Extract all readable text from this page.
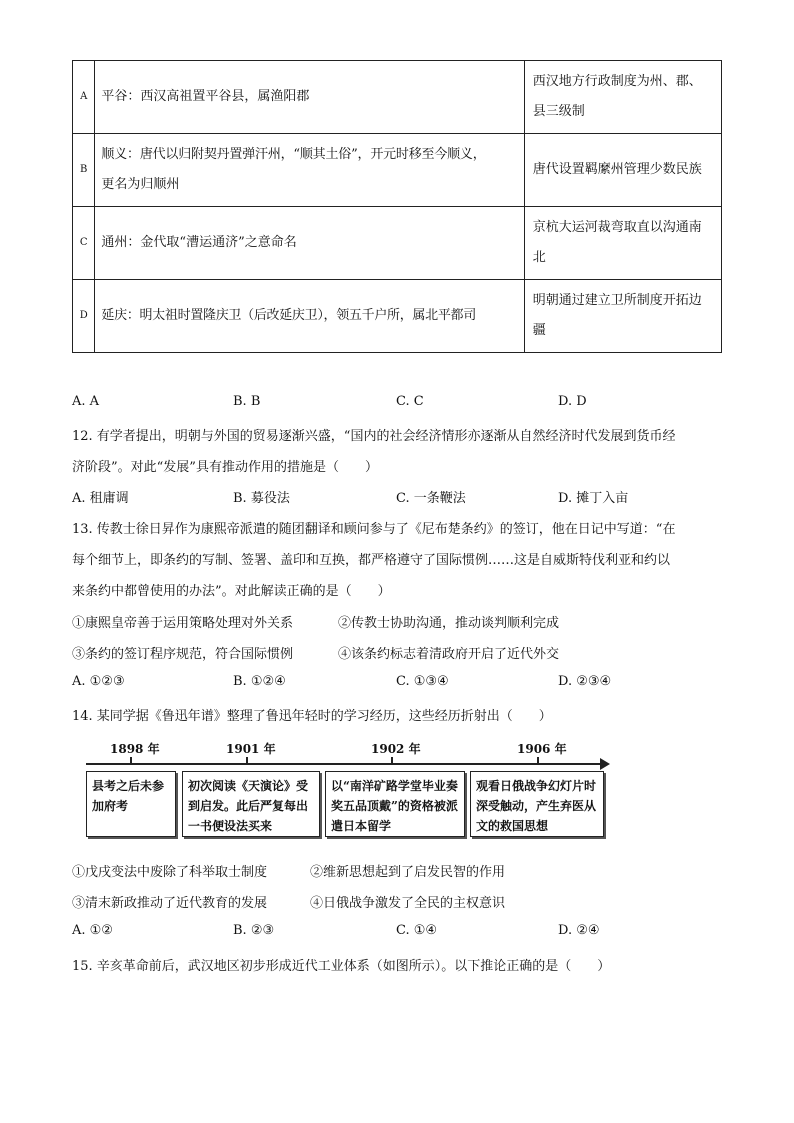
A	平谷：西汉高祖置平谷县，属渔阳郡	西汉地方行政制度为州、郡、
县三级制

B	顺义：唐代以归附契丹置弹汗州，“顺其土俗”，开元时移至今顺义，
更名为归顺州	唐代设置羁縻州管理少数民族
C	通州：金代取“漕运通济”之意命名	京杭大运河裁弯取直以沟通南
北

D	延庆：明太祖时置隆庆卫（后改延庆卫），领五千户所，属北平都司	明朝通过建立卫所制度开拓边
疆
A. A	B. B	C. C	D. D
12. 有学者提出，明朝与外国的贸易逐渐兴盛，“国内的社会经济情形亦逐渐从自然经济时代发展到货币经
济阶段”。对此“发展”具有推动作用的措施是（　　）
A. 租庸调	B. 募役法	C. 一条鞭法	D. 摊丁入亩
13. 传教士徐日昇作为康熙帝派遣的随团翻译和顾问参与了《尼布楚条约》的签订，他在日记中写道：“在
每个细节上，即条约的写制、签署、盖印和互换，都严格遵守了国际惯例……这是自威斯特伐利亚和约以
来条约中都曾使用的办法”。对此解读正确的是（　　）
①康熙皇帝善于运用策略处理对外关系	②传教士协助沟通，推动谈判顺利完成
③条约的签订程序规范，符合国际惯例	④该条约标志着清政府开启了近代外交
A. ①②③	B. ①②④	C. ①③④	D. ②③④
14. 某同学据《鲁迅年谱》整理了鲁迅年轻时的学习经历，这些经历折射出（　　）
1898 年	1901 年	1902 年	1906 年
县考之后未参加府考
初次阅读《天演论》受到启发。此后严复每出一书便设法买来
以“南洋矿路学堂毕业奏奖五品顶戴”的资格被派遣日本留学
观看日俄战争幻灯片时深受触动，产生弃医从文的救国思想
①戊戌变法中废除了科举取士制度	②维新思想起到了启发民智的作用
③清末新政推动了近代教育的发展	④日俄战争激发了全民的主权意识
A. ①②	B. ②③	C. ①④	D. ②④
15. 辛亥革命前后，武汉地区初步形成近代工业体系（如图所示）。以下推论正确的是（　　）
